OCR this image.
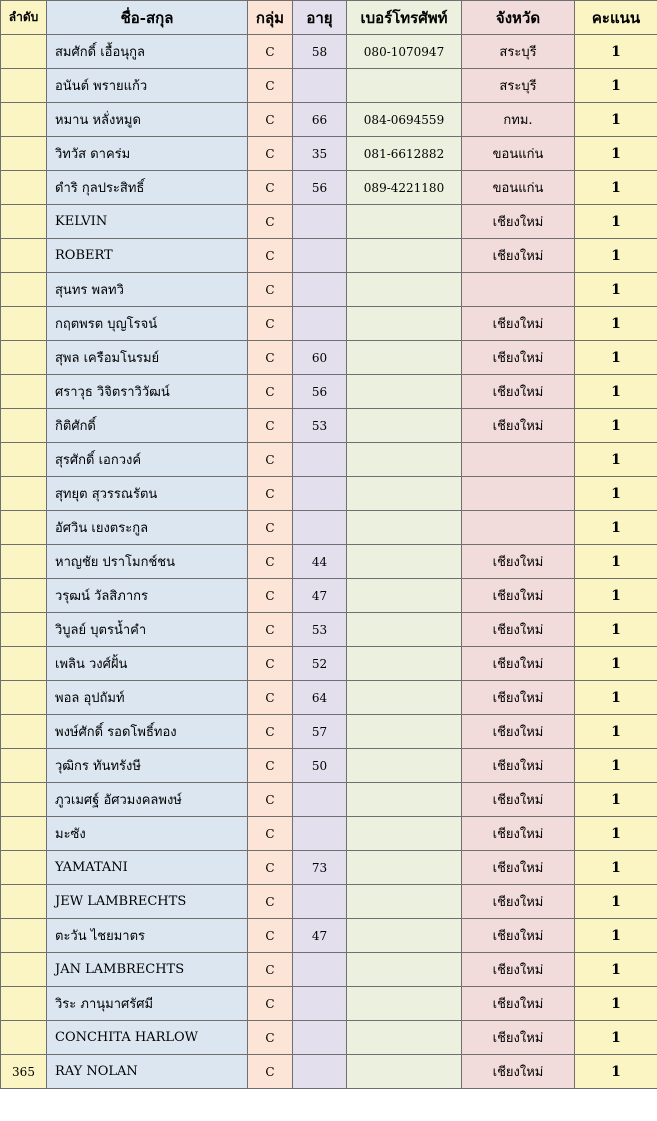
ลำดับ	ชื่อ-สกุล	กลุ่ม	อายุ	เบอร์โทรศัพท์	จังหวัด	คะแนน
	สมศักดิ์ เอื้อนุกูล	C	58	080-1070947	สระบุรี	1
	อนันต์ พรายแก้ว	C			สระบุรี	1
	หมาน หลั่งหมูด	C	66	084-0694559	กทม.	1
	วิทวัส ดาคร่ม	C	35	081-6612882	ขอนแก่น	1
	ดำริ กุลประสิทธิ์	C	56	089-4221180	ขอนแก่น	1
	KELVIN	C			เชียงใหม่	1
	ROBERT	C			เชียงใหม่	1
	สุนทร พลทวิ	C				1
	กฤตพรต บุญโรจน์	C			เชียงใหม่	1
	สุพล เครือมโนรมย์	C	60		เชียงใหม่	1
	ศราวุธ วิจิตราวิวัฒน์	C	56		เชียงใหม่	1
	กิติศักดิ์	C	53		เชียงใหม่	1
	สุรศักดิ์ เอกวงค์	C				1
	สุทยุต สุวรรณรัตน	C				1
	อัศวิน เยงตระกูล	C				1
	หาญชัย ปราโมกช์ชน	C	44		เชียงใหม่	1
	วรุฒน์ วัลสิภากร	C	47		เชียงใหม่	1
	วิบูลย์ บุตรน้ำคำ	C	53		เชียงใหม่	1
	เพลิน วงศ์ฝั้น	C	52		เชียงใหม่	1
	พอล อุปถัมท์	C	64		เชียงใหม่	1
	พงษ์ศักดิ์ รอดโพธิ์ทอง	C	57		เชียงใหม่	1
	วุฒิกร ทันทรังษี	C	50		เชียงใหม่	1
	ภูวเมศฐ์ อัศวมงคลพงษ์	C			เชียงใหม่	1
	มะซัง	C			เชียงใหม่	1
	YAMATANI	C	73		เชียงใหม่	1
	JEW LAMBRECHTS	C			เชียงใหม่	1
	ตะวัน ไชยมาตร	C	47		เชียงใหม่	1
	JAN LAMBRECHTS	C			เชียงใหม่	1
	วิระ ภานุมาศรัศมี	C			เชียงใหม่	1
	CONCHITA HARLOW	C			เชียงใหม่	1
365	RAY NOLAN	C			เชียงใหม่	1
